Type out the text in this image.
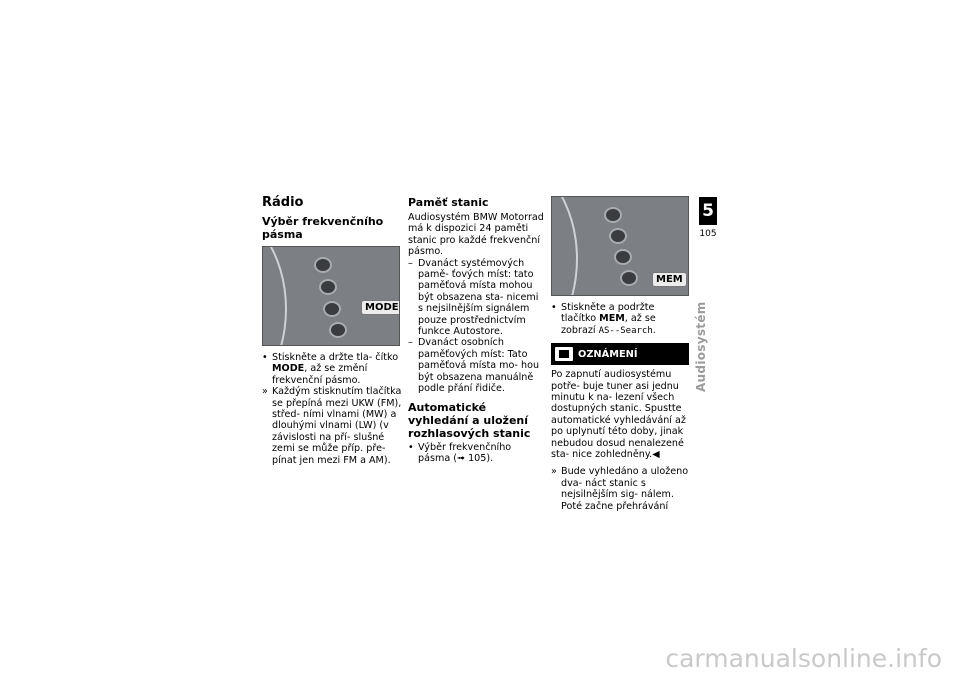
Rádio
Výběr frekvenčního pásma
MODE
• Stiskněte a držte tla- čítko MODE, až se změní frekvenční pásmo.
» Každým stisknutím tlačítka se přepíná mezi UKW (FM), střed- ními vlnami (MW) a dlouhými vlnami (LW) (v závislosti na pří- slušné zemi se může příp. pře- pínat jen mezi FM a AM).
Paměť stanic

Audiosystém BMW Motorrad má k dispozici 24 paměti stanic pro každé frekvenční pásmo.

– Dvanáct systémových pamě- ťových míst: tato paměťová místa mohou být obsazena sta- nicemi s nejsilnějším signálem pouze prostřednictvím funkce Autostore.
– Dvanáct osobních paměťových míst: Tato paměťová místa mo- hou být obsazena manuálně podle přání řidiče.
Automatické vyhledání a uložení rozhlasových stanic
• Výběr frekvenčního pásma (➟ 105).
MEM
• Stiskněte a podržte tlačítko MEM, až se zobrazí AS--Search.
OZNÁMENÍ

Po zapnutí audiosystému potře- buje tuner asi jednu minutu k na- lezení všech dostupných stanic. Spustte automatické vyhledávání až po uplynutí této doby, jinak nebudou dosud nenalezené sta- nice zohledněny.◀

» Bude vyhledáno a uloženo dva- náct stanic s nejsilnějším sig- nálem. Poté začne přehrávání
5
105
Audiosystém
carmanualsonline.info
